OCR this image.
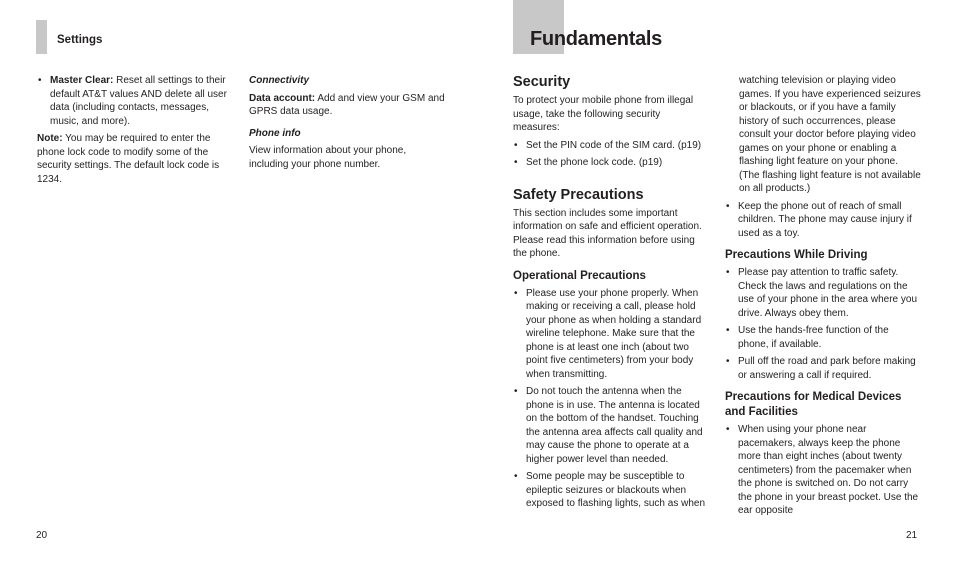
Settings
• Master Clear: Reset all settings to their default AT&T values AND delete all user data (including contacts, messages, music, and more).

Note: You may be required to enter the phone lock code to modify some of the security settings. The default lock code is 1234.

Connectivity

Data account: Add and view your GSM and GPRS data usage.

Phone info

View information about your phone, including your phone number.

20
Fundamentals
Security

To protect your mobile phone from illegal usage, take the following security measures:

• Set the PIN code of the SIM card. (p19)
• Set the phone lock code. (p19)
Safety Precautions

This section includes some important information on safe and efficient operation. Please read this information before using the phone.

Operational Precautions
• Please use your phone properly. When making or receiving a call, please hold your phone as when holding a standard wireline telephone. Make sure that the phone is at least one inch (about two point five centimeters) from your body when transmitting.
• Do not touch the antenna when the phone is in use. The antenna is located on the bottom of the handset. Touching the antenna area affects call quality and may cause the phone to operate at a higher power level than needed.
• Some people may be susceptible to epileptic seizures or blackouts when exposed to flashing lights, such as when

watching television or playing video games. If you have experienced seizures or blackouts, or if you have a family history of such occurrences, please consult your doctor before playing video games on your phone or enabling a flashing light feature on your phone. (The flashing light feature is not available on all products.)

• Keep the phone out of reach of small children. The phone may cause injury if used as a toy.
Precautions While Driving
• Please pay attention to traffic safety. Check the laws and regulations on the use of your phone in the area where you drive. Always obey them.
• Use the hands-free function of the phone, if available.
• Pull off the road and park before making or answering a call if required.
Precautions for Medical Devices and Facilities
• When using your phone near pacemakers, always keep the phone more than eight inches (about twenty centimeters) from the pacemaker when the phone is switched on. Do not carry the phone in your breast pocket. Use the ear opposite
21
